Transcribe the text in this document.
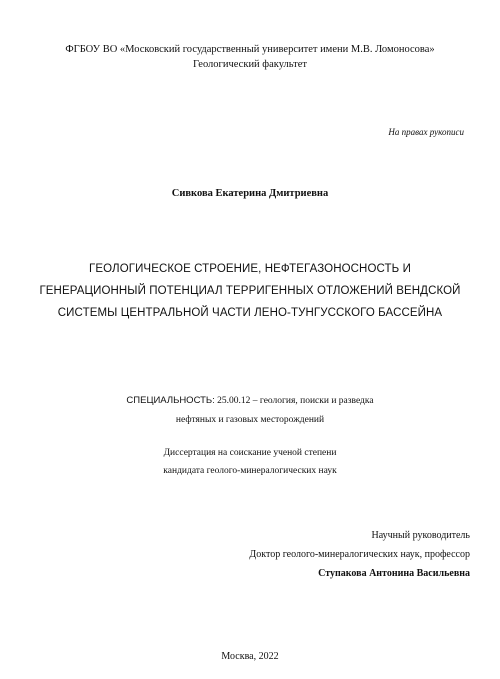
ФГБОУ ВО «Московский государственный университет имени М.В. Ломоносова»
Геологический факультет
На правах рукописи
Сивкова Екатерина Дмитриевна
ГЕОЛОГИЧЕСКОЕ СТРОЕНИЕ, НЕФТЕГАЗОНОСНОСТЬ И
ГЕНЕРАЦИОННЫЙ ПОТЕНЦИАЛ ТЕРРИГЕННЫХ ОТЛОЖЕНИЙ ВЕНДСКОЙ
СИСТЕМЫ ЦЕНТРАЛЬНОЙ ЧАСТИ ЛЕНО-ТУНГУССКОГО БАССЕЙНА
СПЕЦИАЛЬНОСТЬ: 25.00.12 – геология, поиски и разведка
нефтяных и газовых месторождений
Диссертация на соискание ученой степени
кандидата геолого-минералогических наук
Научный руководитель
Доктор геолого-минералогических наук, профессор
Ступакова Антонина Васильевна
Москва, 2022
